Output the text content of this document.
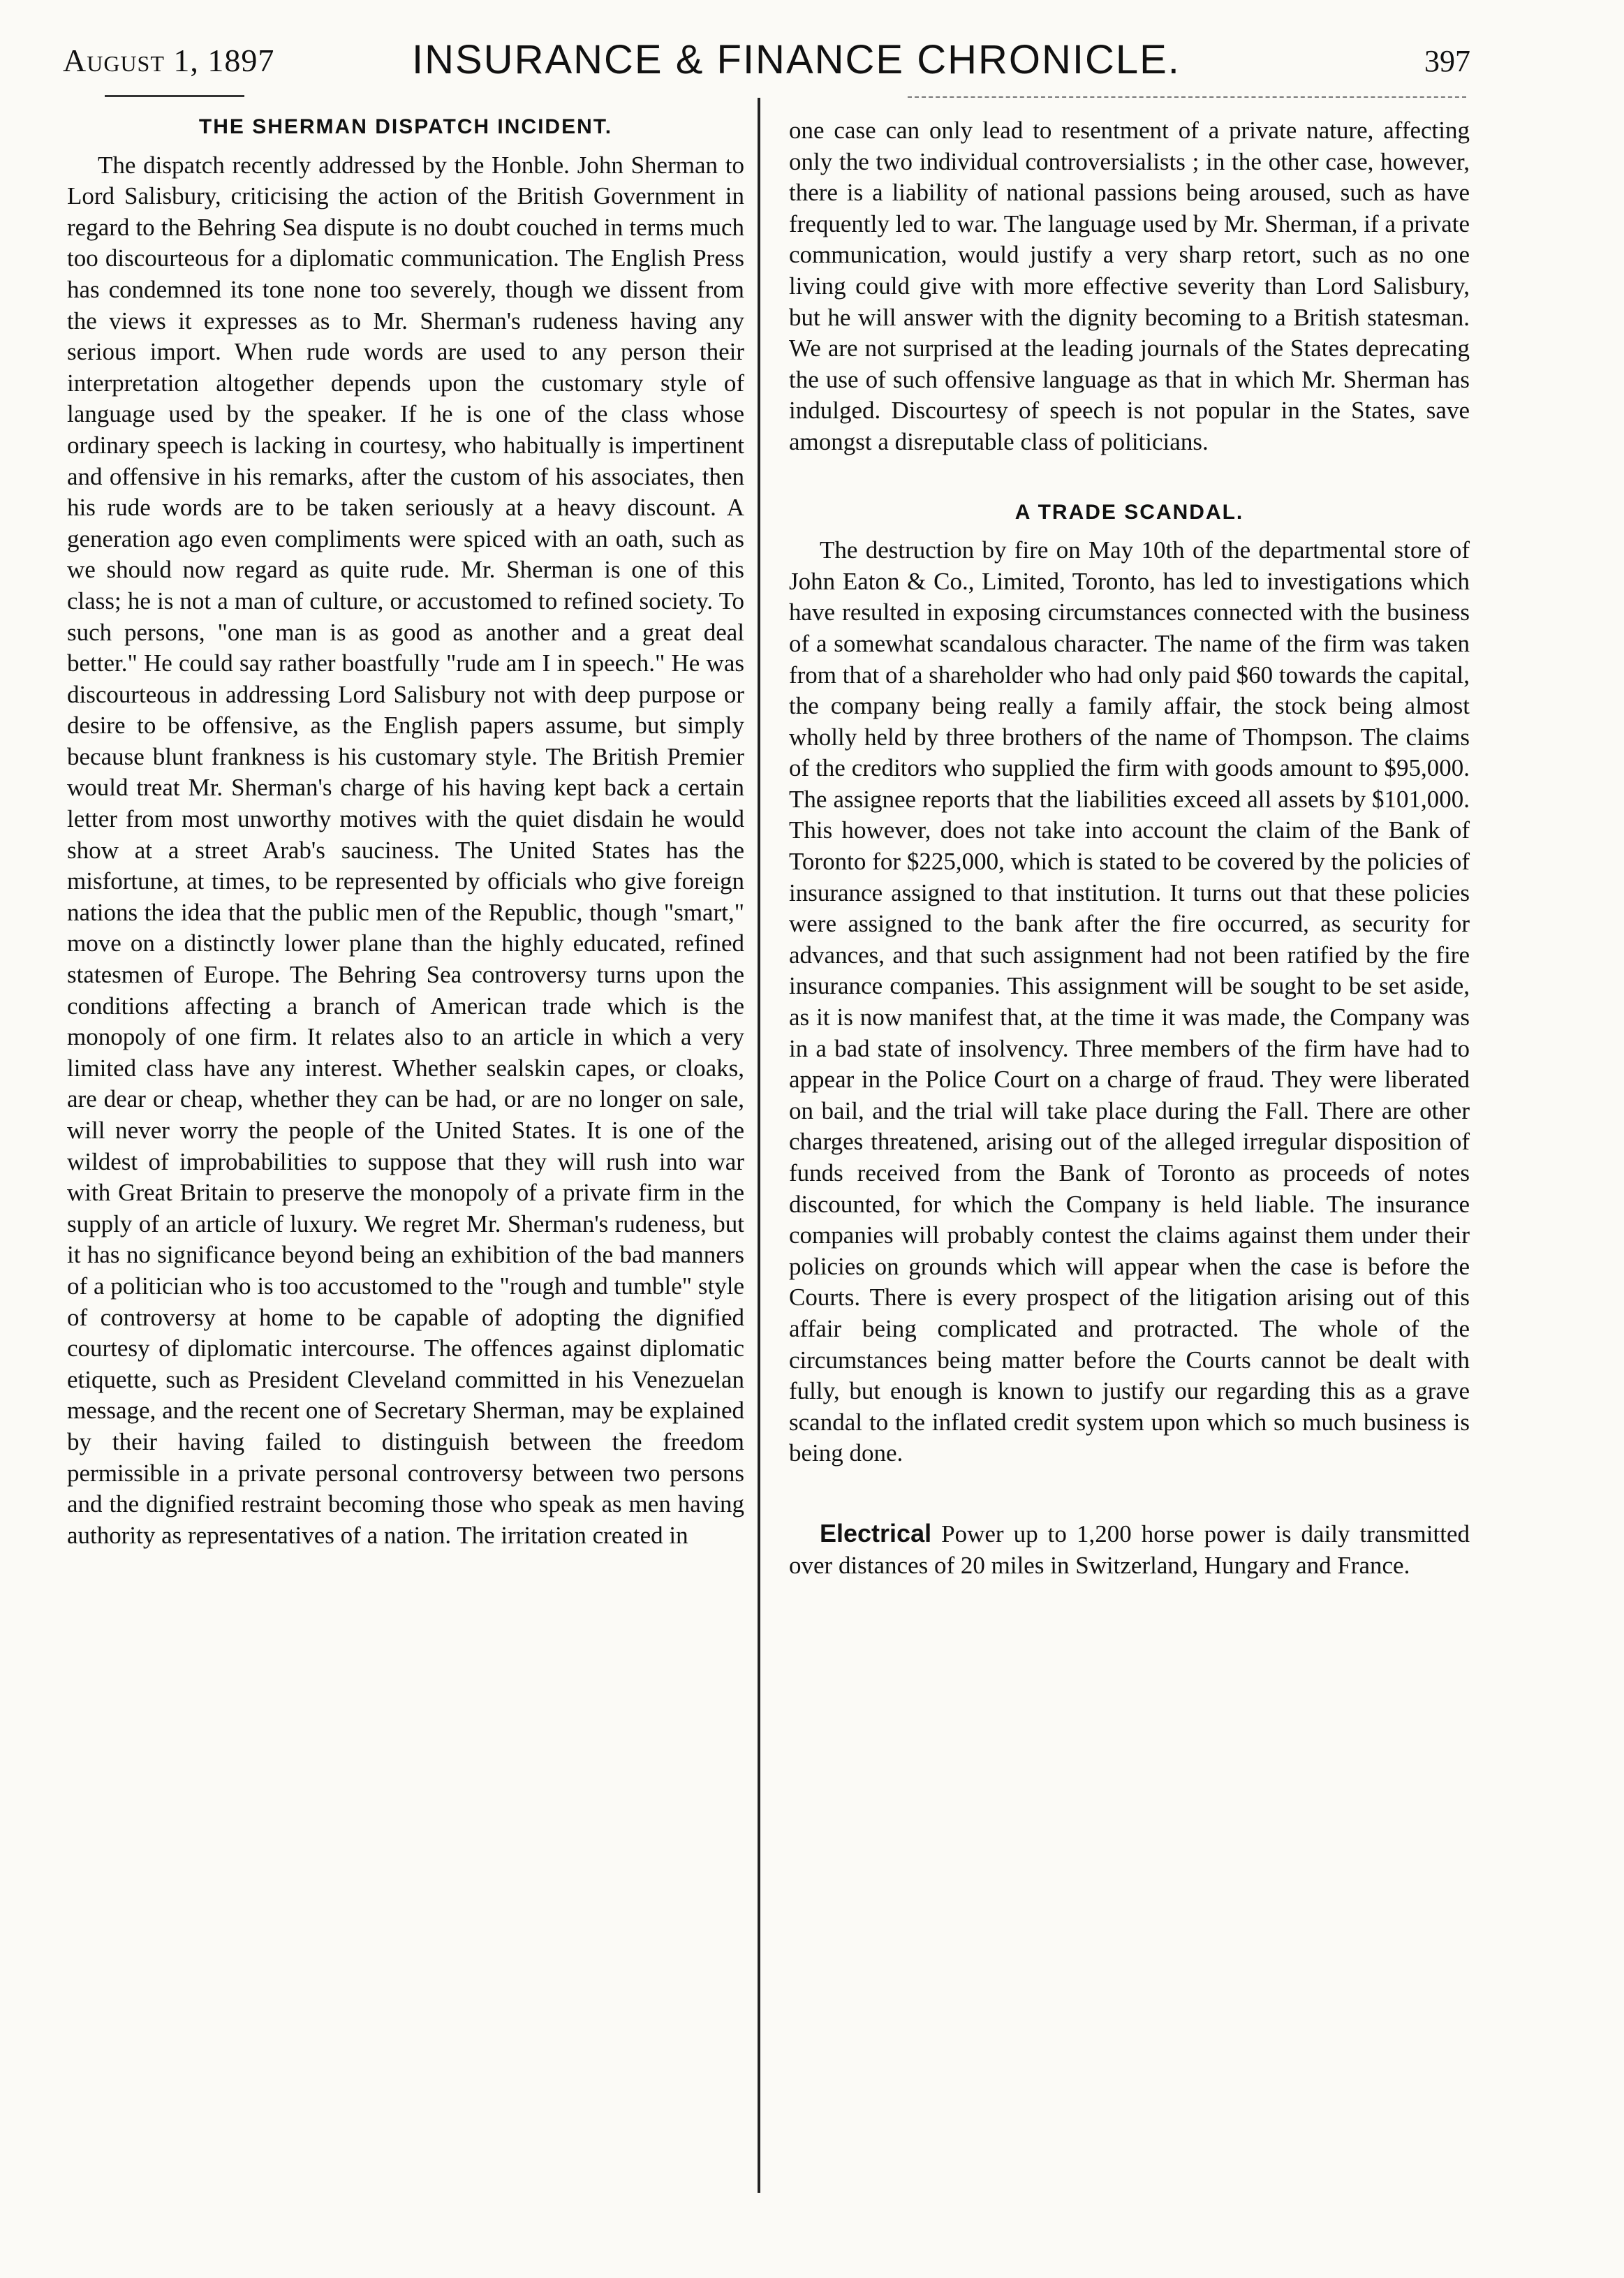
August 1, 1897	INSURANCE & FINANCE CHRONICLE.	397
THE SHERMAN DISPATCH INCIDENT.

The dispatch recently addressed by the Honble. John Sherman to Lord Salisbury, criticising the action of the British Government in regard to the Behring Sea dispute is no doubt couched in terms much too discourteous for a diplomatic communication. The English Press has condemned its tone none too severely, though we dissent from the views it expresses as to Mr. Sherman's rudeness having any serious import. When rude words are used to any person their interpretation altogether depends upon the customary style of language used by the speaker. If he is one of the class whose ordinary speech is lacking in courtesy, who habitually is impertinent and offensive in his remarks, after the custom of his associates, then his rude words are to be taken seriously at a heavy discount. A generation ago even compliments were spiced with an oath, such as we should now regard as quite rude. Mr. Sherman is one of this class; he is not a man of culture, or accustomed to refined society. To such persons, "one man is as good as another and a great deal better." He could say rather boastfully "rude am I in speech." He was discourteous in addressing Lord Salisbury not with deep purpose or desire to be offensive, as the English papers assume, but simply because blunt frankness is his customary style. The British Premier would treat Mr. Sherman's charge of his having kept back a certain letter from most unworthy motives with the quiet disdain he would show at a street Arab's sauciness. The United States has the misfortune, at times, to be represented by officials who give foreign nations the idea that the public men of the Republic, though "smart," move on a distinctly lower plane than the highly educated, refined statesmen of Europe. The Behring Sea controversy turns upon the conditions affecting a branch of American trade which is the monopoly of one firm. It relates also to an article in which a very limited class have any interest. Whether sealskin capes, or cloaks, are dear or cheap, whether they can be had, or are no longer on sale, will never worry the people of the United States. It is one of the wildest of improbabilities to suppose that they will rush into war with Great Britain to preserve the monopoly of a private firm in the supply of an article of luxury. We regret Mr. Sherman's rudeness, but it has no significance beyond being an exhibition of the bad manners of a politician who is too accustomed to the "rough and tumble" style of controversy at home to be capable of adopting the dignified courtesy of diplomatic intercourse. The offences against diplomatic etiquette, such as President Cleveland committed in his Venezuelan message, and the recent one of Secretary Sherman, may be explained by their having failed to distinguish between the freedom permissible in a private personal controversy between two persons and the dignified restraint becoming those who speak as men having authority as representatives of a nation. The irritation created in

one case can only lead to resentment of a private nature, affecting only the two individual controversialists ; in the other case, however, there is a liability of national passions being aroused, such as have frequently led to war. The language used by Mr. Sherman, if a private communication, would justify a very sharp retort, such as no one living could give with more effective severity than Lord Salisbury, but he will answer with the dignity becoming to a British statesman. We are not surprised at the leading journals of the States deprecating the use of such offensive language as that in which Mr. Sherman has indulged. Discourtesy of speech is not popular in the States, save amongst a disreputable class of politicians.

A TRADE SCANDAL.

The destruction by fire on May 10th of the departmental store of John Eaton & Co., Limited, Toronto, has led to investigations which have resulted in exposing circumstances connected with the business of a somewhat scandalous character. The name of the firm was taken from that of a shareholder who had only paid $60 towards the capital, the company being really a family affair, the stock being almost wholly held by three brothers of the name of Thompson. The claims of the creditors who supplied the firm with goods amount to $95,000. The assignee reports that the liabilities exceed all assets by $101,000. This however, does not take into account the claim of the Bank of Toronto for $225,000, which is stated to be covered by the policies of insurance assigned to that institution. It turns out that these policies were assigned to the bank after the fire occurred, as security for advances, and that such assignment had not been ratified by the fire insurance companies. This assignment will be sought to be set aside, as it is now manifest that, at the time it was made, the Company was in a bad state of insolvency. Three members of the firm have had to appear in the Police Court on a charge of fraud. They were liberated on bail, and the trial will take place during the Fall. There are other charges threatened, arising out of the alleged irregular disposition of funds received from the Bank of Toronto as proceeds of notes discounted, for which the Company is held liable. The insurance companies will probably contest the claims against them under their policies on grounds which will appear when the case is before the Courts. There is every prospect of the litigation arising out of this affair being complicated and protracted. The whole of the circumstances being matter before the Courts cannot be dealt with fully, but enough is known to justify our regarding this as a grave scandal to the inflated credit system upon which so much business is being done.

Electrical Power up to 1,200 horse power is daily transmitted over distances of 20 miles in Switzerland, Hungary and France.
